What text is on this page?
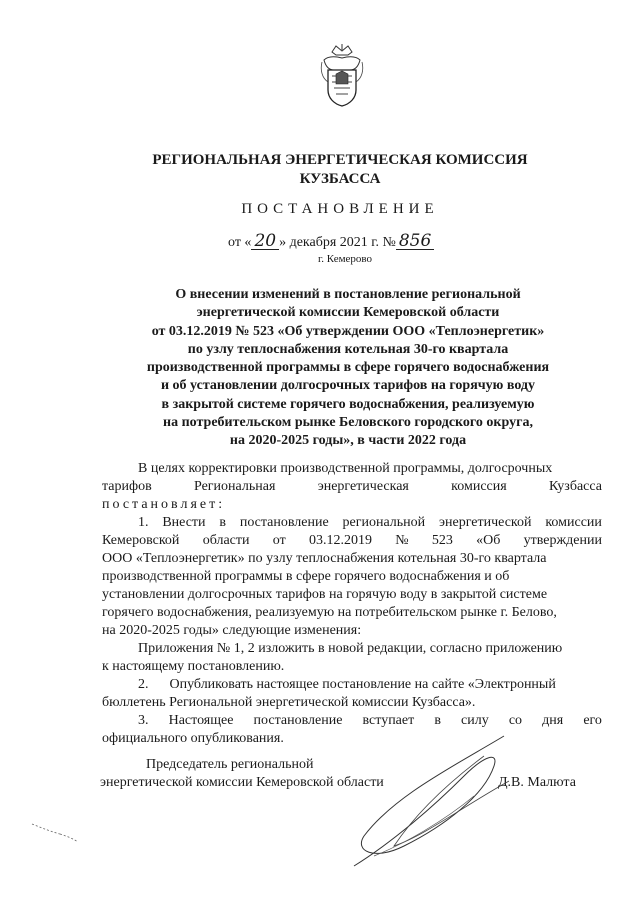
РЕГИОНАЛЬНАЯ ЭНЕРГЕТИЧЕСКАЯ КОМИССИЯ
КУЗБАССА
ПОСТАНОВЛЕНИЕ
от « 20 » декабря 2021 г. № 856
г. Кемерово
О внесении изменений в постановление региональной
энергетической комиссии Кемеровской области
от 03.12.2019 № 523 «Об утверждении ООО «Теплоэнергетик»
по узлу теплоснабжения котельная 30-го квартала
производственной программы в сфере горячего водоснабжения
и об установлении долгосрочных тарифов на горячую воду
в закрытой системе горячего водоснабжения, реализуемую
на потребительском рынке Беловского городского округа,
на 2020-2025 годы», в части 2022 года
В целях корректировки производственной программы, долгосрочных
тарифов	Региональная	энергетическая	комиссия	Кузбасса
постановляет:
1. Внести в постановление региональной энергетической комиссии
Кемеровской области от 03.12.2019 № 523 «Об утверждении
ООО «Теплоэнергетик» по узлу теплоснабжения котельная 30-го квартала
производственной программы в сфере горячего водоснабжения и об
установлении долгосрочных тарифов на горячую воду в закрытой системе
горячего водоснабжения, реализуемую на потребительском рынке г. Белово,
на 2020-2025 годы» следующие изменения:
Приложения № 1, 2 изложить в новой редакции, согласно приложению
к настоящему постановлению.
2. Опубликовать настоящее постановление на сайте «Электронный
бюллетень Региональной энергетической комиссии Кузбасса».
3. Настоящее постановление вступает в силу со дня его
официального опубликования.
Председатель региональной
энергетической комиссии Кемеровской области	Д.В. Малюта
